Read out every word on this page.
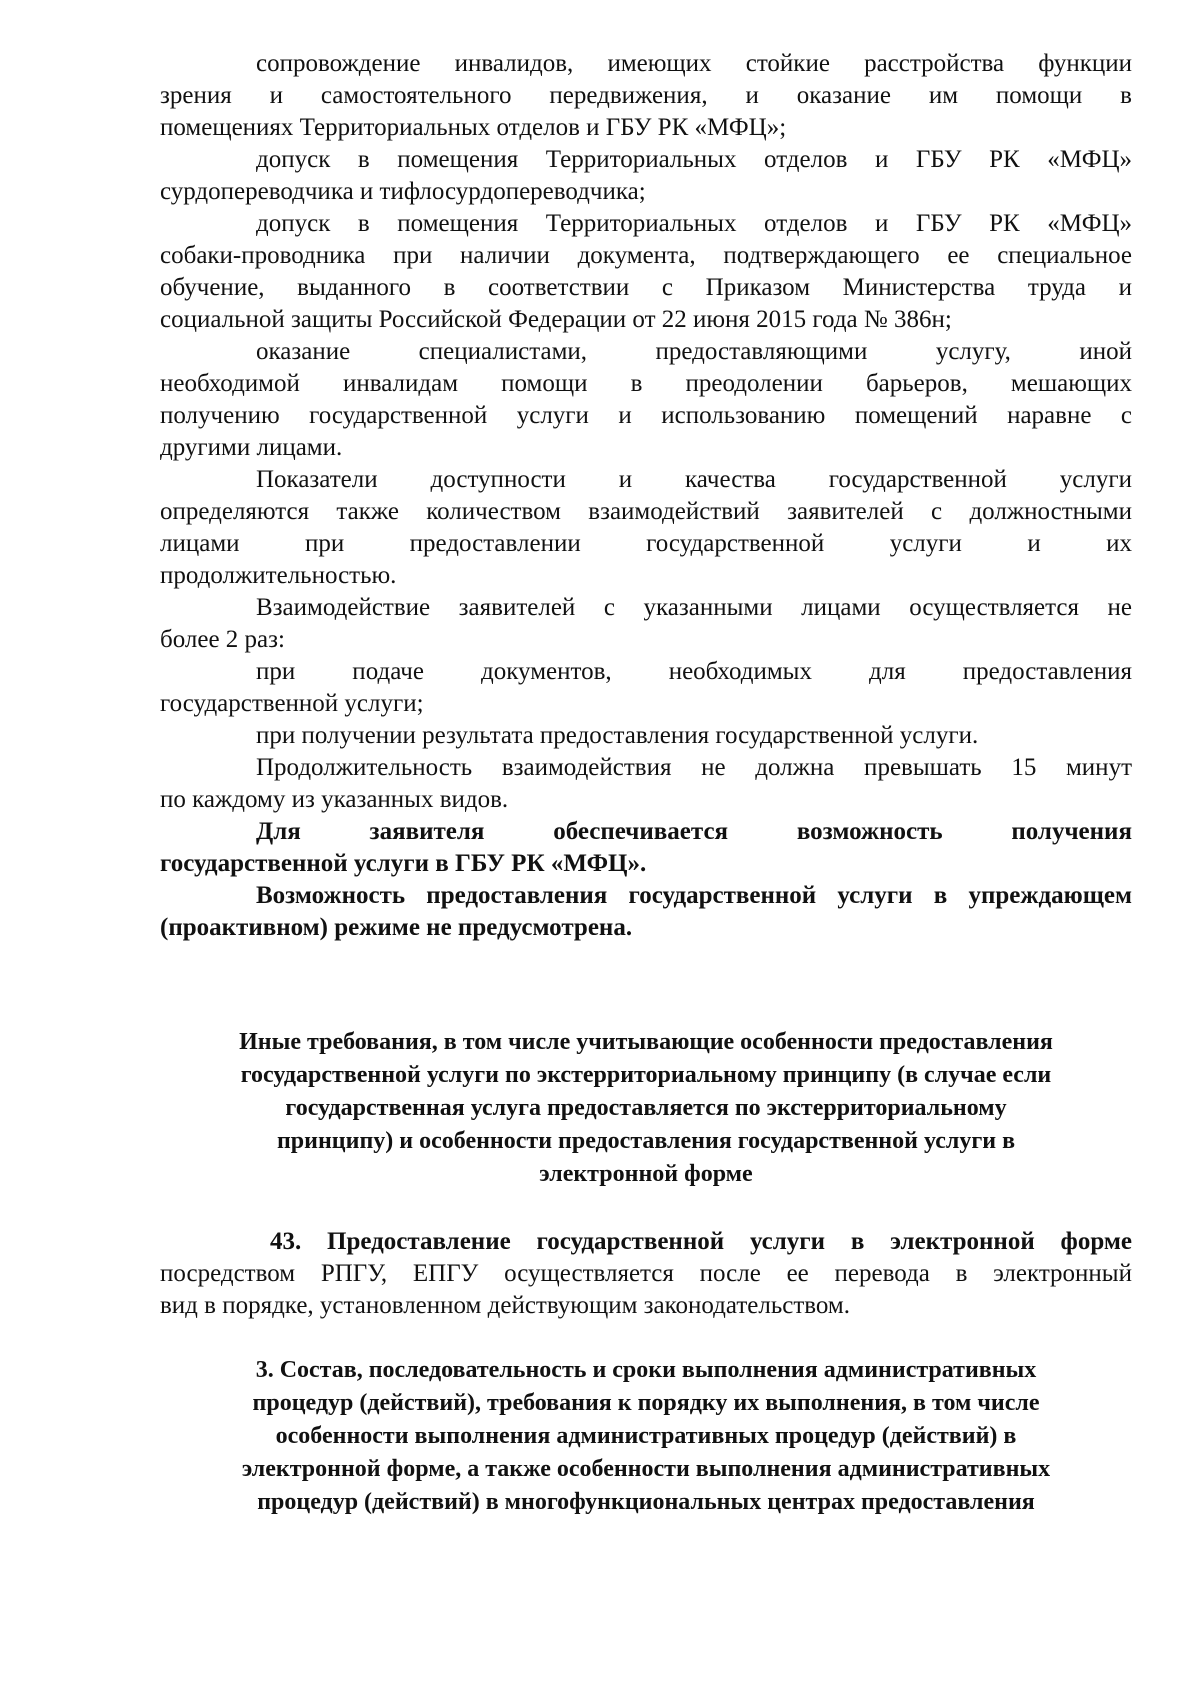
сопровождение инвалидов, имеющих стойкие расстройства функции
зрения и самостоятельного передвижения, и оказание им помощи в
помещениях Территориальных отделов и ГБУ РК «МФЦ»;
допуск в помещения Территориальных отделов и ГБУ РК «МФЦ»
сурдопереводчика и тифлосурдопереводчика;
допуск в помещения Территориальных отделов и ГБУ РК «МФЦ»
собаки-проводника при наличии документа, подтверждающего ее специальное
обучение, выданного в соответствии с Приказом Министерства труда и
социальной защиты Российской Федерации от 22 июня 2015 года № 386н;
оказание специалистами, предоставляющими услугу, иной
необходимой инвалидам помощи в преодолении барьеров, мешающих
получению государственной услуги и использованию помещений наравне с
другими лицами.
Показатели доступности и качества государственной услуги
определяются также количеством взаимодействий заявителей с должностными
лицами при предоставлении государственной услуги и их
продолжительностью.
Взаимодействие заявителей с указанными лицами осуществляется не
более 2 раз:
при подаче документов, необходимых для предоставления
государственной услуги;
при получении результата предоставления государственной услуги.
Продолжительность взаимодействия не должна превышать 15 минут
по каждому из указанных видов.
Для заявителя обеспечивается возможность получения
государственной услуги в ГБУ РК «МФЦ».
Возможность предоставления государственной услуги в упреждающем
(проактивном) режиме не предусмотрена.
Иные требования, в том числе учитывающие особенности предоставления
государственной услуги по экстерриториальному принципу (в случае если
государственная услуга предоставляется по экстерриториальному
принципу) и особенности предоставления государственной услуги в
электронной форме
43. Предоставление государственной услуги в электронной форме
посредством РПГУ, ЕПГУ осуществляется после ее перевода в электронный
вид в порядке, установленном действующим законодательством.
3. Состав, последовательность и сроки выполнения административных
процедур (действий), требования к порядку их выполнения, в том числе
особенности выполнения административных процедур (действий) в
электронной форме, а также особенности выполнения административных
процедур (действий) в многофункциональных центрах предоставления
